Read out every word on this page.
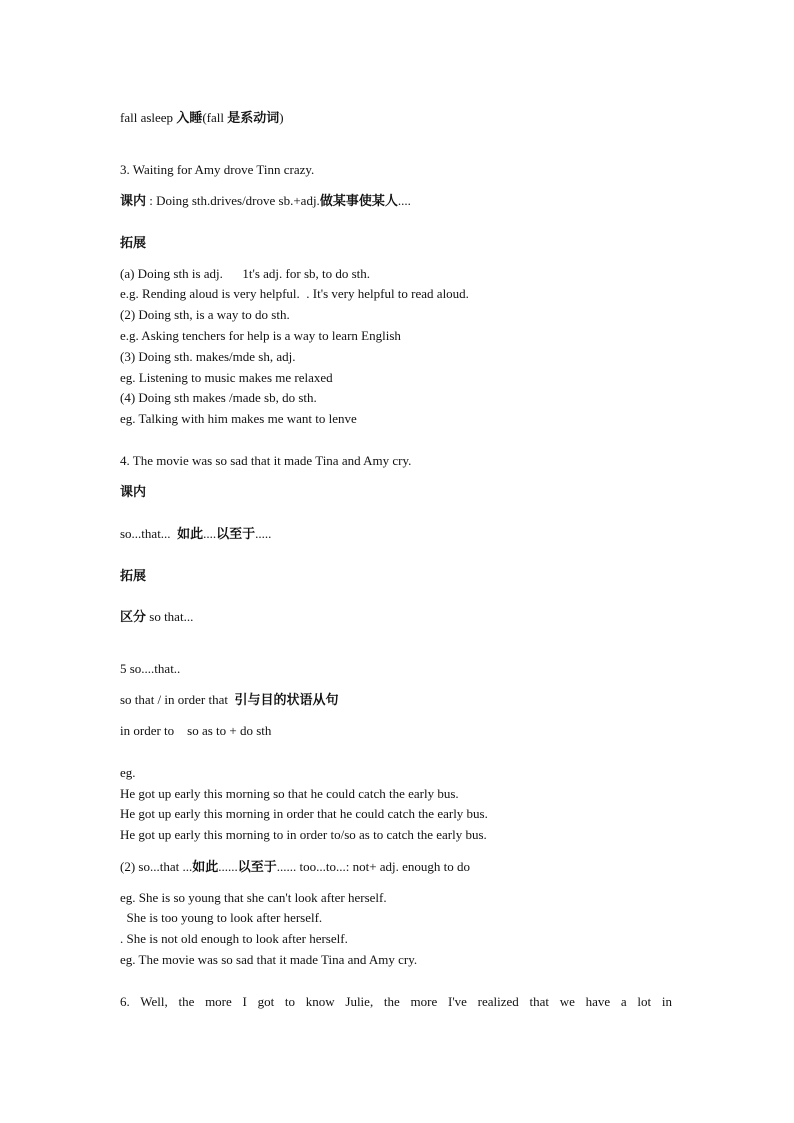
fall asleep 入睡(fall 是系动词)
3. Waiting for Amy drove Tinn crazy.
课内 : Doing sth.drives/drove sb.+adj.做某事使某人....
拓展
(a) Doing sth is adj.      1t's adj. for sb, to do sth.
e.g. Rending aloud is very helpful.  . It's very helpful to read aloud.
(2) Doing sth, is a way to do sth.
e.g. Asking tenchers for help is a way to learn English
(3) Doing sth. makes/mde sh, adj.
eg. Listening to music makes me relaxed
(4) Doing sth makes /made sb, do sth.
eg. Talking with him makes me want to lenve
4. The movie was so sad that it made Tina and Amy cry.
课内
so...that...  如此....以至于.....
拓展
区分 so that...
5 so....that..
so that / in order that  引与目的状语从句
in order to    so as to + do sth
eg.
He got up early this morning so that he could catch the early bus.
He got up early this morning in order that he could catch the early bus.
He got up early this morning to in order to/so as to catch the early bus.
(2) so...that ...如此......以至于...... too...to...: not+ adj. enough to do
eg. She is so young that she can't look after herself.
She is too young to look after herself.
. She is not old enough to look after herself.
eg. The movie was so sad that it made Tina and Amy cry.
6. Well, the more I got to know Julie, the more I've realized that we have a lot in
